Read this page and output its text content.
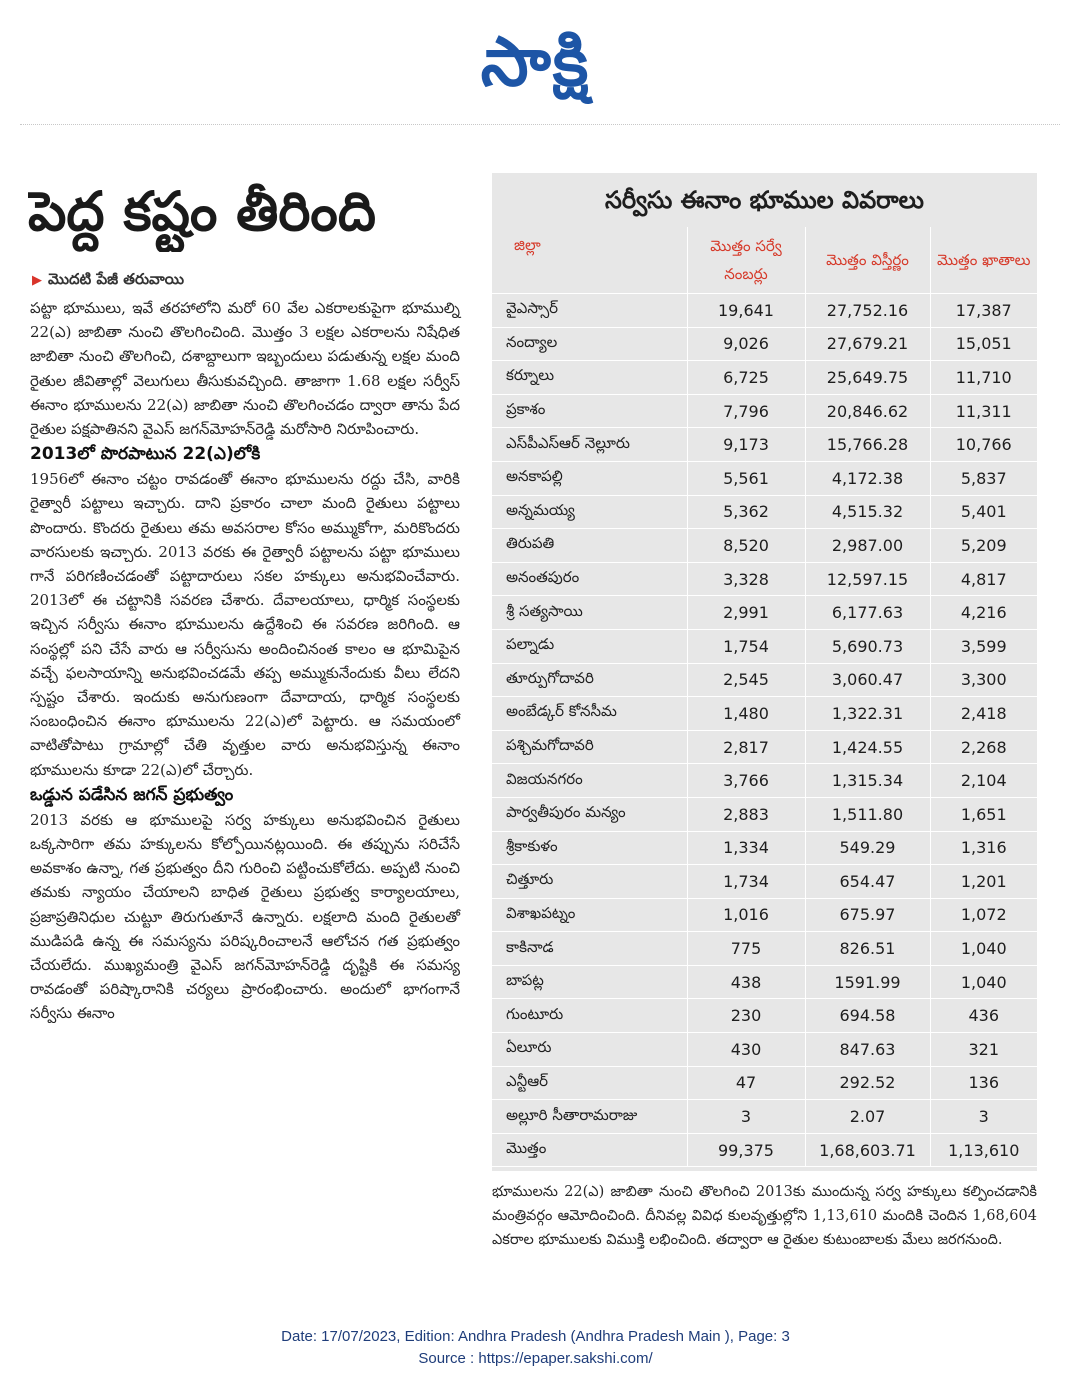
సాక్షి
పెద్ద కష్టం తీరింది
▶ మొదటి పేజీ తరువాయి

పట్టా భూములు, ఇవే తరహాలోని మరో 60 వేల ఎకరాలకుపైగా భూముల్ని 22(ఎ) జాబితా నుంచి తొలగించింది. మొత్తం 3 లక్షల ఎకరాలను నిషేధిత జాబితా నుంచి తొలగించి, దశాబ్దాలుగా ఇబ్బందులు పడుతున్న లక్షల మంది రైతుల జీవితాల్లో వెలుగులు తీసుకువచ్చింది. తాజాగా 1.68 లక్షల సర్వీస్ ఈనాం భూములను 22(ఎ) జాబితా నుంచి తొలగించడం ద్వారా తాను పేద రైతుల పక్షపాతినని వైఎస్ జగన్‌మోహన్‌రెడ్డి మరోసారి నిరూపించారు.

2013లో పొరపాటున 22(ఎ)లోకి

1956లో ఈనాం చట్టం రావడంతో ఈనాం భూములను రద్దు చేసి, వారికి రైత్వారీ పట్టాలు ఇచ్చారు. దాని ప్రకారం చాలా మంది రైతులు పట్టాలు పొందారు. కొందరు రైతులు తమ అవసరాల కోసం అమ్ముకోగా, మరికొందరు వారసులకు ఇచ్చారు. 2013 వరకు ఈ రైత్వారీ పట్టాలను పట్టా భూములు గానే పరిగణించడంతో పట్టాదారులు సకల హక్కులు అనుభవించేవారు. 2013లో ఈ చట్టానికి సవరణ చేశారు. దేవాలయాలు, ధార్మిక సంస్థలకు ఇచ్చిన సర్వీసు ఈనాం భూములను ఉద్దేశించి ఈ సవరణ జరిగింది. ఆ సంస్థల్లో పని చేసే వారు ఆ సర్వీసును అందించినంత కాలం ఆ భూమిపైన వచ్చే ఫలసాయాన్ని అనుభవించడమే తప్ప అమ్ముకునేందుకు వీలు లేదని స్పష్టం చేశారు. ఇందుకు అనుగుణంగా దేవాదాయ, ధార్మిక సంస్థలకు సంబంధించిన ఈనాం భూములను 22(ఎ)లో పెట్టారు. ఆ సమయంలో వాటితోపాటు గ్రామాల్లో చేతి వృత్తుల వారు అనుభవిస్తున్న ఈనాం భూములను కూడా 22(ఎ)లో చేర్చారు.

ఒడ్డున పడేసిన జగన్ ప్రభుత్వం

2013 వరకు ఆ భూములపై సర్వ హక్కులు అనుభవించిన రైతులు ఒక్కసారిగా తమ హక్కులను కోల్పోయినట్లయింది. ఈ తప్పును సరిచేసే అవకాశం ఉన్నా, గత ప్రభుత్వం దీని గురించి పట్టించుకోలేదు. అప్పటి నుంచి తమకు న్యాయం చేయాలని బాధిత రైతులు ప్రభుత్వ కార్యాలయాలు, ప్రజాప్రతినిధుల చుట్టూ తిరుగుతూనే ఉన్నారు. లక్షలాది మంది రైతులతో ముడిపడి ఉన్న ఈ సమస్యను పరిష్కరించాలనే ఆలోచన గత ప్రభుత్వం చేయలేదు. ముఖ్యమంత్రి వైఎస్ జగన్‌మోహన్‌రెడ్డి దృష్టికి ఈ సమస్య రావడంతో పరిష్కారానికి చర్యలు ప్రారంభించారు. అందులో భాగంగానే సర్వీసు ఈనాం

సర్వీసు ఈనాం భూముల వివరాలు
జిల్లా	మొత్తం సర్వే నంబర్లు	మొత్తం విస్తీర్ణం	మొత్తం ఖాతాలు
వైఎస్సార్	19,641	27,752.16	17,387
నంద్యాల	9,026	27,679.21	15,051
కర్నూలు	6,725	25,649.75	11,710
ప్రకాశం	7,796	20,846.62	11,311
ఎస్‌పీఎస్‌ఆర్ నెల్లూరు	9,173	15,766.28	10,766
అనకాపల్లి	5,561	4,172.38	5,837
అన్నమయ్య	5,362	4,515.32	5,401
తిరుపతి	8,520	2,987.00	5,209
అనంతపురం	3,328	12,597.15	4,817
శ్రీ సత్యసాయి	2,991	6,177.63	4,216
పల్నాడు	1,754	5,690.73	3,599
తూర్పుగోదావరి	2,545	3,060.47	3,300
అంబేడ్కర్ కోనసీమ	1,480	1,322.31	2,418
పశ్చిమగోదావరి	2,817	1,424.55	2,268
విజయనగరం	3,766	1,315.34	2,104
పార్వతీపురం మన్యం	2,883	1,511.80	1,651
శ్రీకాకుళం	1,334	549.29	1,316
చిత్తూరు	1,734	654.47	1,201
విశాఖపట్నం	1,016	675.97	1,072
కాకినాడ	775	826.51	1,040
బాపట్ల	438	1591.99	1,040
గుంటూరు	230	694.58	436
ఏలూరు	430	847.63	321
ఎన్టీఆర్	47	292.52	136
అల్లూరి సీతారామరాజు	3	2.07	3
మొత్తం	99,375	1,68,603.71	1,13,610
భూములను 22(ఎ) జాబితా నుంచి తొలగించి 2013కు ముందున్న సర్వ హక్కులు కల్పించడానికి మంత్రివర్గం ఆమోదించింది. దీనివల్ల వివిధ కులవృత్తుల్లోని 1,13,610 మందికి చెందిన 1,68,604 ఎకరాల భూములకు విముక్తి లభించింది. తద్వారా ఆ రైతుల కుటుంబాలకు మేలు జరగనుంది.
Date: 17/07/2023, Edition: Andhra Pradesh (Andhra Pradesh Main ), Page: 3
Source : https://epaper.sakshi.com/
